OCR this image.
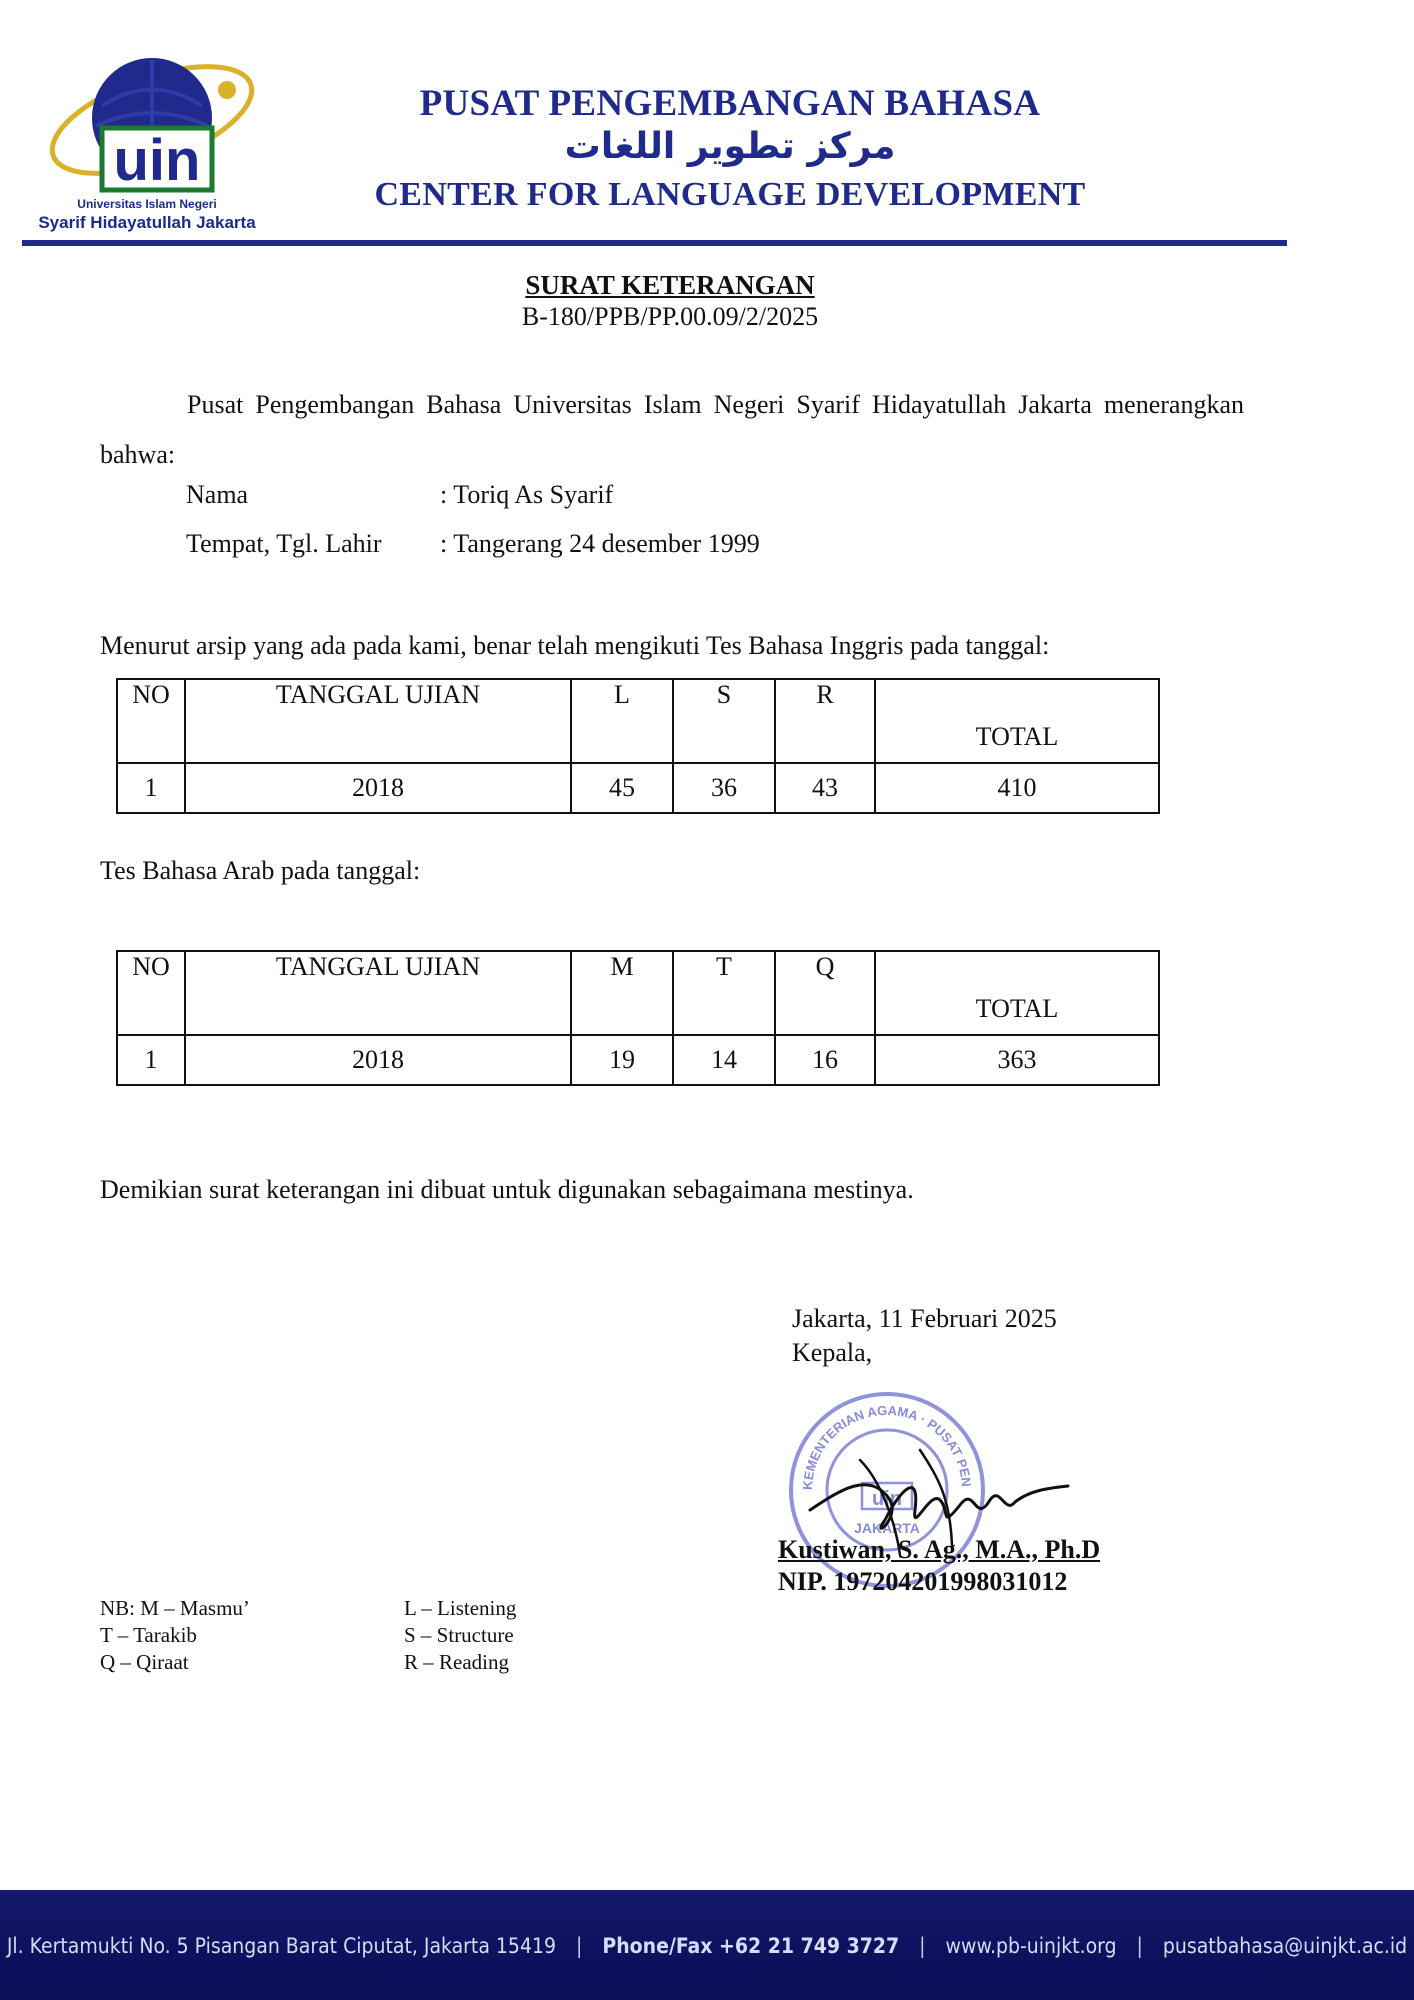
uin
Universitas Islam Negeri
Syarif Hidayatullah Jakarta
PUSAT PENGEMBANGAN BAHASA
مركز تطوير اللغات
CENTER FOR LANGUAGE DEVELOPMENT
SURAT KETERANGAN
B-180/PPB/PP.00.09/2/2025
Pusat Pengembangan Bahasa Universitas Islam Negeri Syarif Hidayatullah Jakarta menerangkan bahwa:
Nama	: Toriq As Syarif
Tempat, Tgl. Lahir : Tangerang 24 desember 1999
Menurut arsip yang ada pada kami, benar telah mengikuti Tes Bahasa Inggris pada tanggal:
NO	TANGGAL UJIAN	L	S	R	TOTAL
1	2018	45	36	43	410
Tes Bahasa Arab pada tanggal:
NO	TANGGAL UJIAN	M	T	Q	TOTAL
1	2018	19	14	16	363
Demikian surat keterangan ini dibuat untuk digunakan sebagaimana mestinya.
Jakarta, 11 Februari 2025
Kepala,
KEMENTERIAN AGAMA · PUSAT PEN
uin
JAKARTA
Kustiwan, S. Ag., M.A., Ph.D
NIP. 197204201998031012
NB: M – Masmu’
T – Tarakib
Q – Qiraat
L – Listening
S – Structure
R – Reading
Jl. Kertamukti No. 5 Pisangan Barat Ciputat, Jakarta 15419 | Phone/Fax +62 21 749 3727 | www.pb-uinjkt.org | pusatbahasa@uinjkt.ac.id
